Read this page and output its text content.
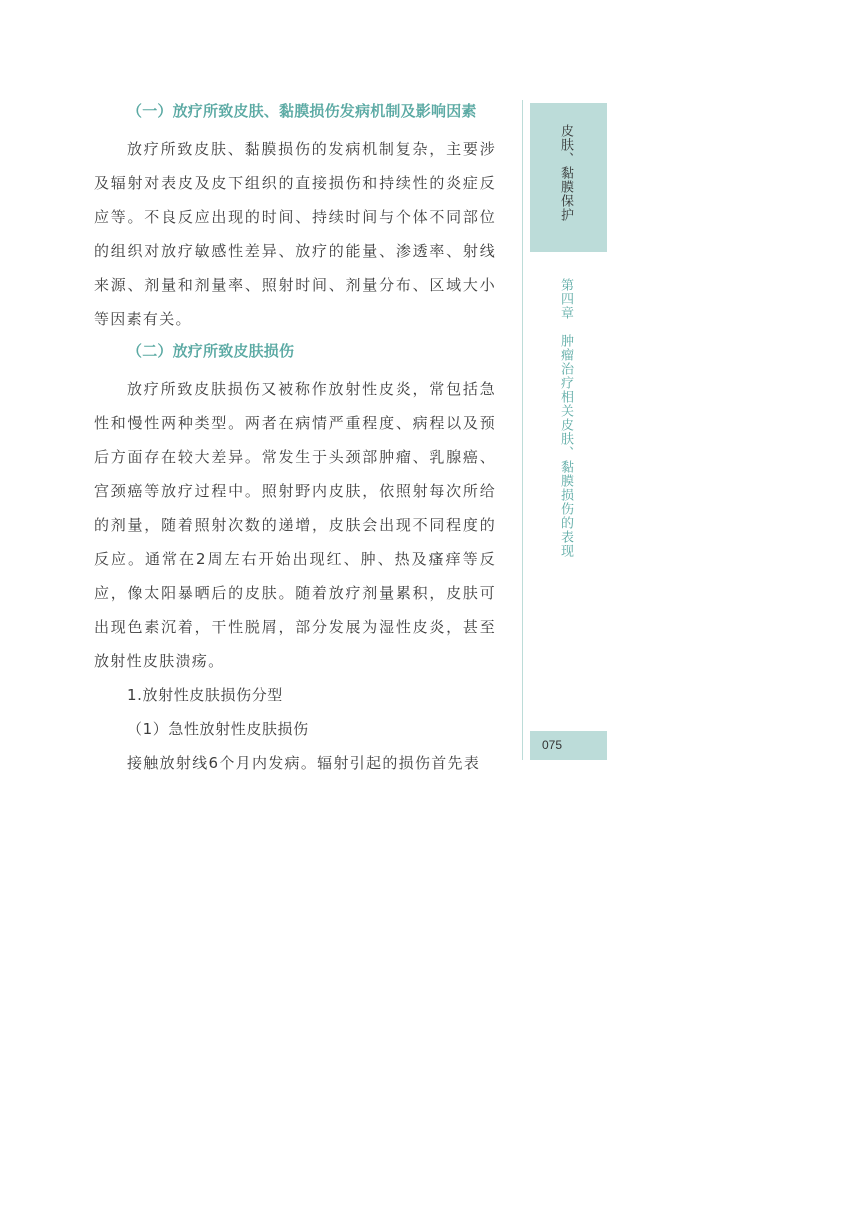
（一）放疗所致皮肤、黏膜损伤发病机制及影响因素

放疗所致皮肤、黏膜损伤的发病机制复杂，主要涉及辐射对表皮及皮下组织的直接损伤和持续性的炎症反应等。不良反应出现的时间、持续时间与个体不同部位的组织对放疗敏感性差异、放疗的能量、渗透率、射线来源、剂量和剂量率、照射时间、剂量分布、区域大小等因素有关。

（二）放疗所致皮肤损伤

放疗所致皮肤损伤又被称作放射性皮炎，常包括急性和慢性两种类型。两者在病情严重程度、病程以及预后方面存在较大差异。常发生于头颈部肿瘤、乳腺癌、宫颈癌等放疗过程中。照射野内皮肤，依照射每次所给的剂量，随着照射次数的递增，皮肤会出现不同程度的反应。通常在2周左右开始出现红、肿、热及瘙痒等反应，像太阳暴晒后的皮肤。随着放疗剂量累积，皮肤可出现色素沉着，干性脱屑，部分发展为湿性皮炎，甚至放射性皮肤溃疡。

1.放射性皮肤损伤分型

（1）急性放射性皮肤损伤

接触放射线6个月内发病。辐射引起的损伤首先表

皮肤、黏膜保护
第四章　肿瘤治疗相关皮肤、黏膜损伤的表现
075
